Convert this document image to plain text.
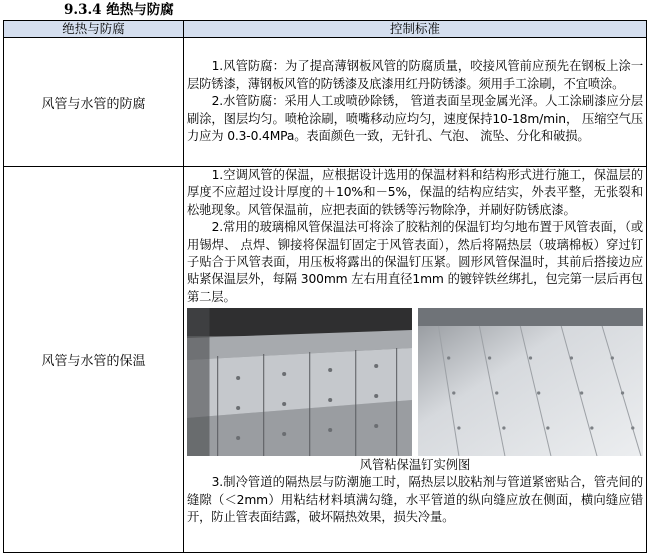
9.3.4 绝热与防腐
绝热与防腐	控制标准
风管与水管的防腐	1.风管防腐：为了提高薄钢板风管的防腐质量，咬接风管前应预先在钢板上涂一层防锈漆，薄钢板风管的防锈漆及底漆用红丹防锈漆。须用手工涂刷，不宜喷涂。

2.水管防腐：采用人工或喷砂除锈， 管道表面呈现金属光泽。人工涂刷漆应分层刷涂，图层均匀。喷枪涂刷，喷嘴移动应均匀，速度保持10-18m/min， 压缩空气压力应为 0.3-0.4MPa。表面颜色一致，无针孔、气泡、 流坠、分化和破损。

风管与水管的保温	1.空调风管的保温，应根据设计选用的保温材料和结构形式进行施工，保温层的厚度不应超过设计厚度的＋10%和－5%，保温的结构应结实，外表平整，无张裂和松驰现象。风管保温前，应把表面的铁锈等污物除净，并刷好防锈底漆。

2.常用的玻璃棉风管保温法可将涂了胶粘剂的保温钉均匀地布置于风管表面，（或用锡焊、 点焊、铆接将保温钉固定于风管表面），然后将隔热层（玻璃棉板）穿过钉子贴合于风管表面，用压板将露出的保温钉压紧。圆形风管保温时，其前后搭接边应贴紧保温层外，每隔 300mm 左右用直径1mm 的镀锌铁丝绑扎，包完第一层后再包第二层。

风管粘保温钉实例图

3.制冷管道的隔热层与防潮施工时，隔热层以胶粘剂与管道紧密贴合，管壳间的缝隙（＜2mm）用粘结材料填满勾缝，水平管道的纵向缝应放在侧面，横向缝应错开，防止管表面结露，破坏隔热效果，损失冷量。
